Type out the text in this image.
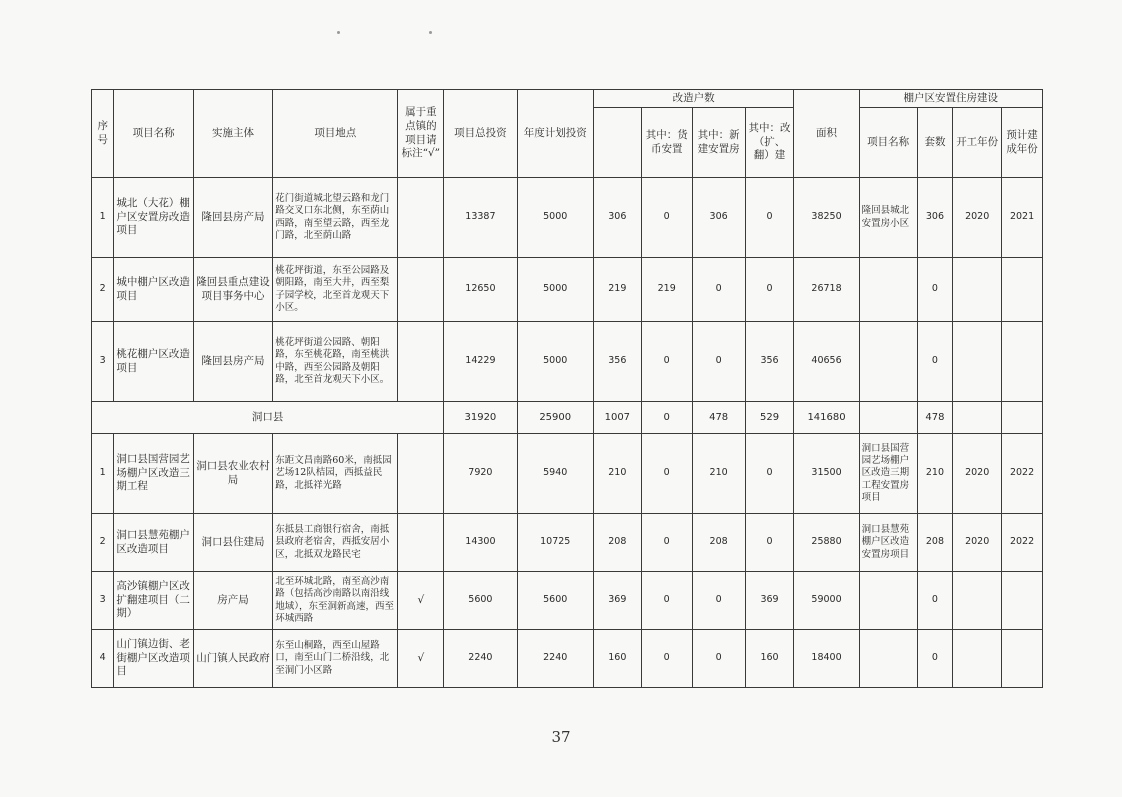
序号	项目名称	实施主体	项目地点	属于重点镇的项目请标注“√”	项目总投资	年度计划投资	改造户数				面积	棚户区安置住房建设			
								其中：货币安置	其中：新建安置房	其中：改（扩、翻）建		项目名称	套数	开工年份	预计建成年份
1	城北（大花）棚户区安置房改造项目	隆回县房产局	花门街道城北望云路和龙门路交叉口东北侧，东至荫山西路，南至望云路，西至龙门路，北至荫山路		13387	5000	306	0	306	0	38250	隆回县城北安置房小区	306	2020	2021
2	城中棚户区改造项目	隆回县重点建设项目事务中心	桃花坪街道，东至公园路及朝阳路，南至大井，西至梨子园学校，北至首龙观天下小区。		12650	5000	219	219	0	0	26718		0		
3	桃花棚户区改造项目	隆回县房产局	桃花坪街道公园路、朝阳路，东至桃花路，南至桃洪中路，西至公园路及朝阳路，北至首龙观天下小区。		14229	5000	356	0	0	356	40656		0		
洞口县					31920	25900	1007	0	478	529	141680		478		
1	洞口县国营园艺场棚户区改造三期工程	洞口县农业农村局	东距文昌南路60米，南抵园艺场12队桔园，西抵益民路，北抵祥光路		7920	5940	210	0	210	0	31500	洞口县国营园艺场棚户区改造三期工程安置房项目	210	2020	2022
2	洞口县慧苑棚户区改造项目	洞口县住建局	东抵县工商银行宿舍，南抵县政府老宿舍，西抵安居小区，北抵双龙路民宅		14300	10725	208	0	208	0	25880	洞口县慧苑棚户区改造安置房项目	208	2020	2022
3	高沙镇棚户区改扩翻建项目（二期）	房产局	北至环城北路，南至高沙南路（包括高沙南路以南沿线地域），东至洞新高速，西至环城西路	√	5600	5600	369	0	0	369	59000		0		
4	山门镇边街、老街棚户区改造项目	山门镇人民政府	东至山桐路，西至山屋路口，南至山门二桥沿线，北至洞门小区路	√	2240	2240	160	0	0	160	18400		0		
37
